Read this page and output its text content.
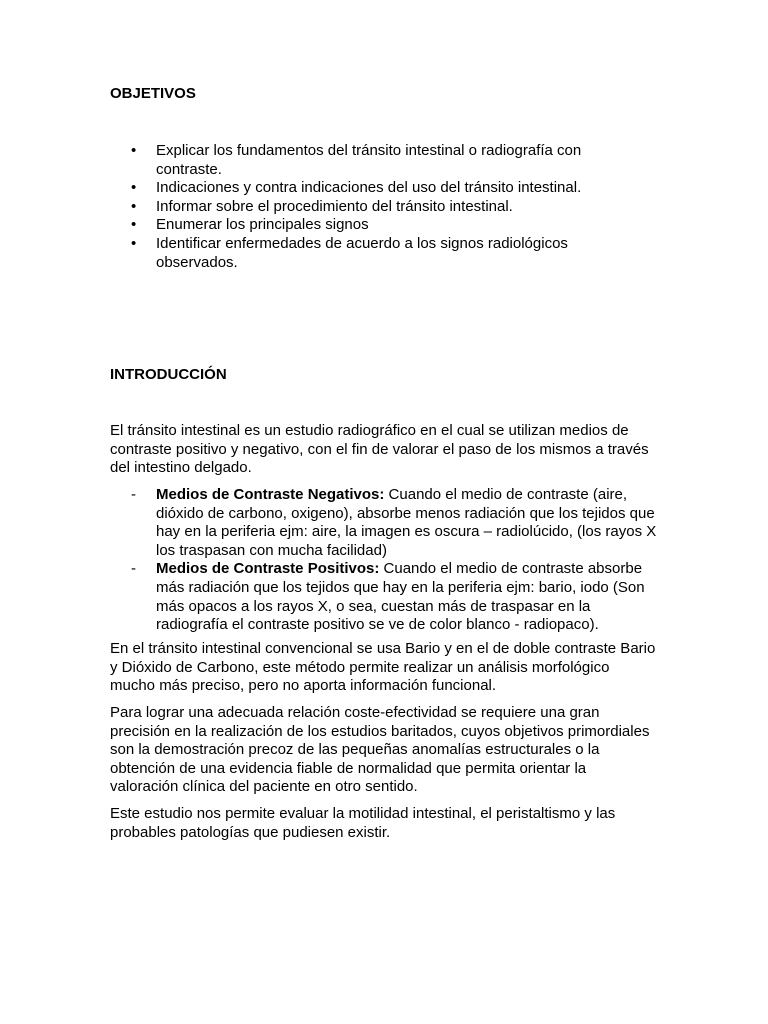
OBJETIVOS
• Explicar los fundamentos del tránsito intestinal o radiografía con contraste.
• Indicaciones y contra indicaciones del uso del tránsito intestinal.
• Informar sobre el procedimiento del tránsito intestinal.
• Enumerar los principales signos
• Identificar enfermedades de acuerdo a los signos radiológicos observados.
INTRODUCCIÓN

El tránsito intestinal es un estudio radiográfico en el cual se utilizan medios de contraste positivo y negativo, con el fin de valorar el paso de los mismos a través del intestino delgado.

- Medios de Contraste Negativos: Cuando el medio de contraste (aire, dióxido de carbono, oxigeno), absorbe menos radiación que los tejidos que hay en la periferia ejm: aire, la imagen es oscura – radiolúcido, (los rayos X los traspasan con mucha facilidad)
- Medios de Contraste Positivos: Cuando el medio de contraste absorbe más radiación que los tejidos que hay en la periferia ejm: bario, iodo (Son más opacos a los rayos X, o sea, cuestan más de traspasar en la radiografía el contraste positivo se ve de color blanco - radiopaco).

En el tránsito intestinal convencional se usa Bario y en el de doble contraste Bario y Dióxido de Carbono, este método permite realizar un análisis morfológico mucho más preciso, pero no aporta información funcional.

Para lograr una adecuada relación coste-efectividad se requiere una gran precisión en la realización de los estudios baritados, cuyos objetivos primordiales son la demostración precoz de las pequeñas anomalías estructurales o la obtención de una evidencia fiable de normalidad que permita orientar la valoración clínica del paciente en otro sentido.

Este estudio nos permite evaluar la motilidad intestinal, el peristaltismo y las probables patologías que pudiesen existir.
